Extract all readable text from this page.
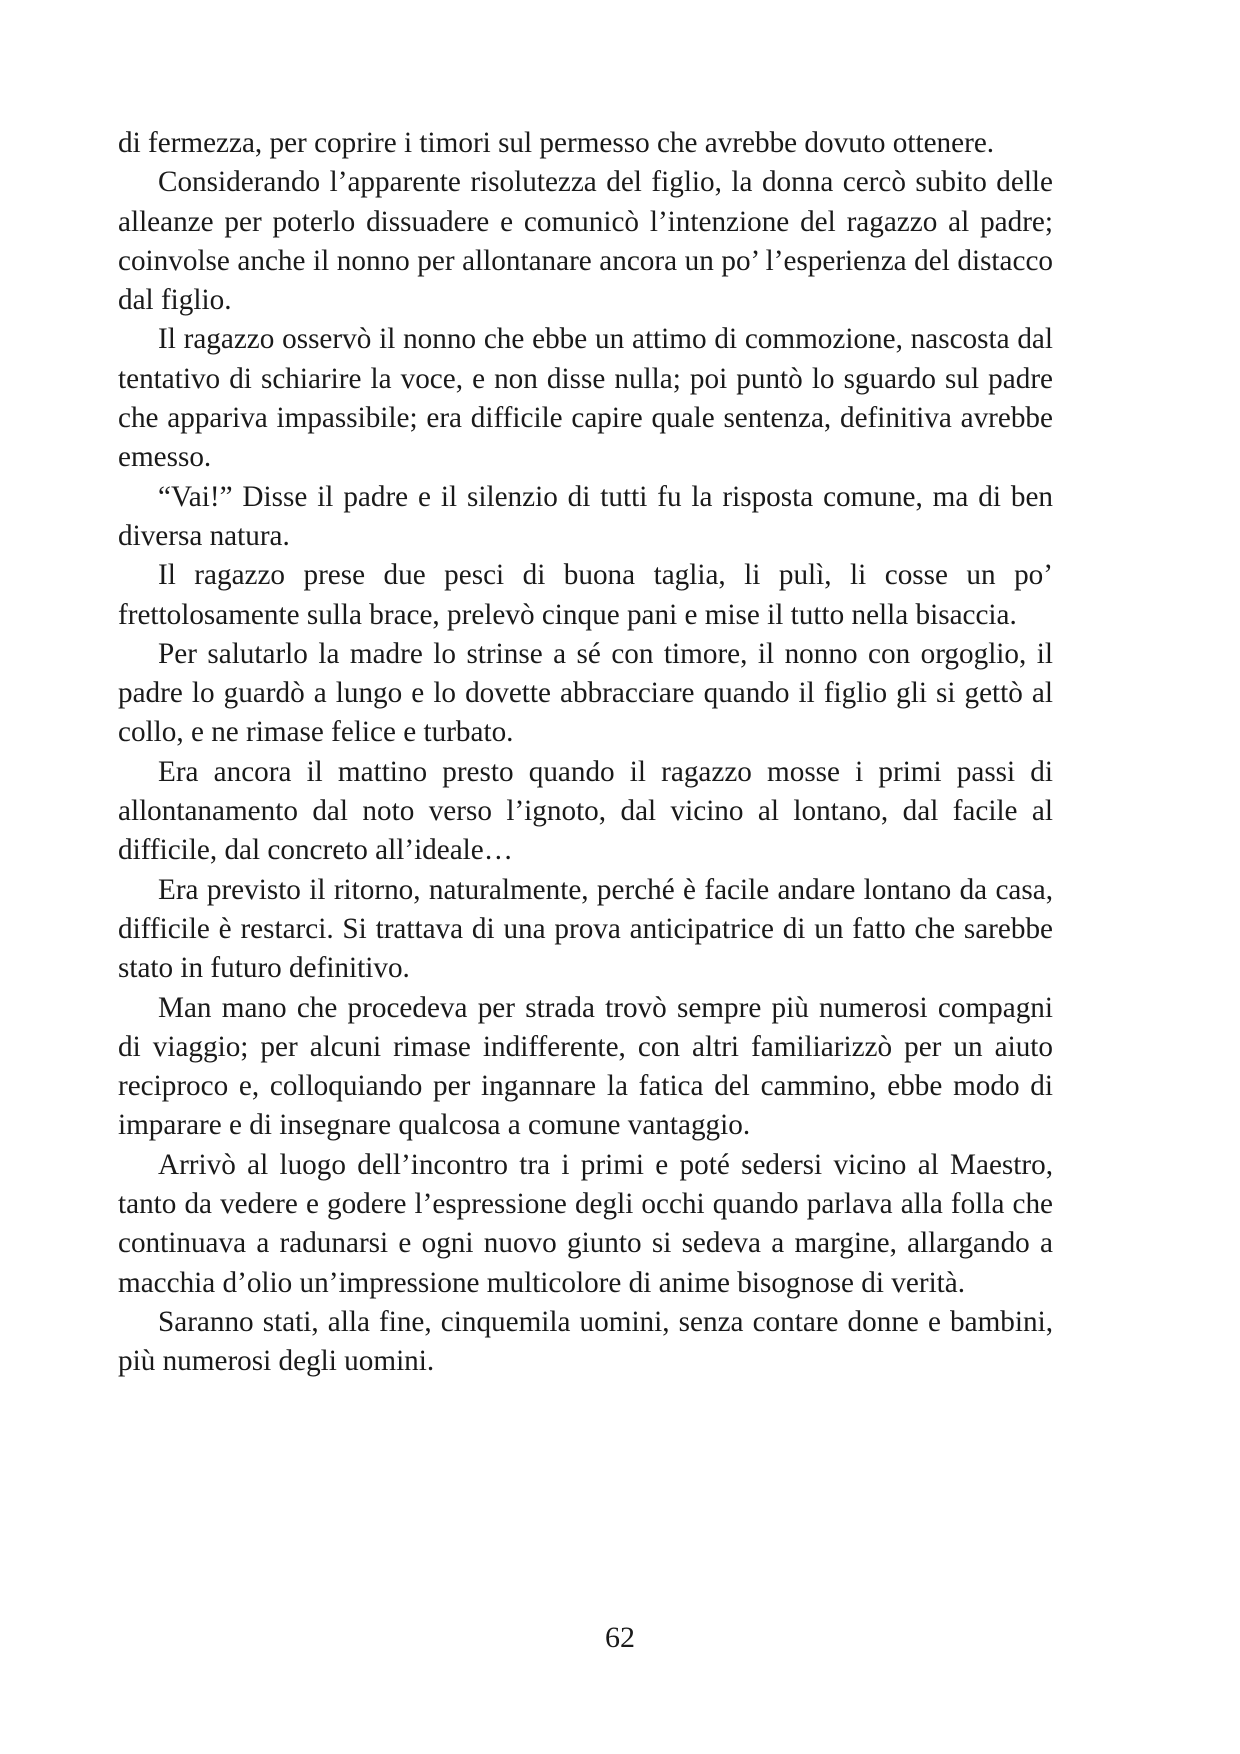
di fermezza, per coprire i timori sul permesso che avrebbe dovuto ottenere.

Considerando l’apparente risolutezza del figlio, la donna cercò subito delle alleanze per poterlo dissuadere e comunicò l’intenzione del ragazzo al padre; coinvolse anche il nonno per allontanare ancora un po’ l’esperienza del distacco dal figlio.

Il ragazzo osservò il nonno che ebbe un attimo di commozione, nascosta dal tentativo di schiarire la voce, e non disse nulla; poi puntò lo sguardo sul padre che appariva impassibile; era difficile capire quale sentenza, definitiva avrebbe emesso.

“Vai!” Disse il padre e il silenzio di tutti fu la risposta comune, ma di ben diversa natura.

Il ragazzo prese due pesci di buona taglia, li pulì, li cosse un po’ frettolosamente sulla brace, prelevò cinque pani e mise il tutto nella bisaccia.

Per salutarlo la madre lo strinse a sé con timore, il nonno con orgoglio, il padre lo guardò a lungo e lo dovette abbracciare quando il figlio gli si gettò al collo, e ne rimase felice e turbato.

Era ancora il mattino presto quando il ragazzo mosse i primi passi di allontanamento dal noto verso l’ignoto, dal vicino al lontano, dal facile al difficile, dal concreto all’ideale…

Era previsto il ritorno, naturalmente, perché è facile andare lontano da casa, difficile è restarci. Si trattava di una prova anticipatrice di un fatto che sarebbe stato in futuro definitivo.

Man mano che procedeva per strada trovò sempre più numerosi compagni di viaggio; per alcuni rimase indifferente, con altri familiarizzò per un aiuto reciproco e, colloquiando per ingannare la fatica del cammino, ebbe modo di imparare e di insegnare qualcosa a comune vantaggio.

Arrivò al luogo dell’incontro tra i primi e poté sedersi vicino al Maestro, tanto da vedere e godere l’espressione degli occhi quando parlava alla folla che continuava a radunarsi e ogni nuovo giunto si sedeva a margine, allargando a macchia d’olio un’impressione multicolore di anime bisognose di verità.

Saranno stati, alla fine, cinquemila uomini, senza contare donne e bambini, più numerosi degli uomini.

62
